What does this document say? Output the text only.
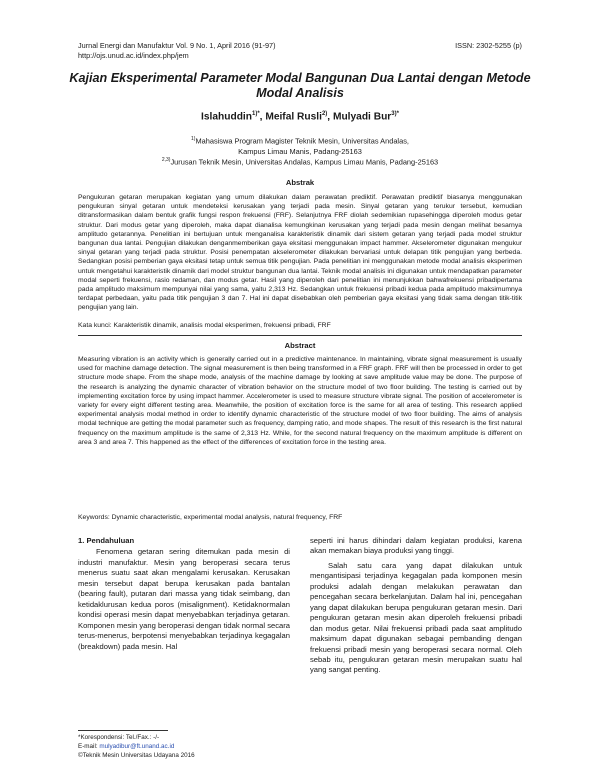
Jurnal Energi dan Manufaktur Vol. 9 No. 1, April 2016 (91-97)
http://ojs.unud.ac.id/index.php/jem
ISSN: 2302-5255 (p)
Kajian Eksperimental Parameter Modal Bangunan Dua Lantai dengan Metode Modal Analisis
Islahuddin$^{1)*}$, Meifal Rusli$^{2)}$, Mulyadi Bur$^{3)*}$
$^{1)}$Mahasiswa Program Magister Teknik Mesin, Universitas Andalas,
Kampus Limau Manis, Padang-25163
$^{2,3)}$Jurusan Teknik Mesin, Universitas Andalas, Kampus Limau Manis, Padang-25163
Abstrak

Pengukuran getaran merupakan kegiatan yang umum dilakukan dalam perawatan prediktif. Perawatan prediktif biasanya menggunakan pengukuran sinyal getaran untuk mendeteksi kerusakan yang terjadi pada mesin. Sinyal getaran yang terukur tersebut, kemudian ditransformasikan dalam bentuk grafik fungsi respon frekuensi (FRF). Selanjutnya FRF diolah sedemikian rupasehingga diperoleh modus getar struktur. Dari modus getar yang diperoleh, maka dapat dianalisa kemungkinan kerusakan yang terjadi pada mesin dengan melihat besarnya amplitudo getarannya. Penelitian ini bertujuan untuk menganalisa karakteristik dinamik dari sistem getaran yang terjadi pada model struktur bangunan dua lantai. Pengujian dilakukan denganmemberikan gaya eksitasi menggunakan impact hammer. Akselerometer digunakan mengukur sinyal getaran yang terjadi pada struktur. Posisi penempatan akselerometer dilakukan bervariasi untuk delapan titik pengujian yang berbeda. Sedangkan posisi pemberian gaya eksitasi tetap untuk semua titik pengujian. Pada penelitian ini menggunakan metode modal analisis eksperimen untuk mengetahui karakteristik dinamik dari model struktur bangunan dua lantai. Teknik modal analisis ini digunakan untuk mendapatkan parameter modal seperti frekuensi, rasio redaman, dan modus getar. Hasil yang diperoleh dari penelitian ini menunjukkan bahwafrekuensi pribadipertama pada amplitudo maksimum mempunyai nilai yang sama, yaitu 2,313 Hz. Sedangkan untuk frekuensi pribadi kedua pada amplitudo maksimumnya terdapat perbedaan, yaitu pada titik pengujian 3 dan 7. Hal ini dapat disebabkan oleh pemberian gaya eksitasi yang tidak sama dengan titik-titik pengujian yang lain.

Kata kunci: Karakteristik dinamik, analisis modal eksperimen, frekuensi pribadi, FRF
Abstract

Measuring vibration is an activity which is generally carried out in a predictive maintenance. In maintaining, vibrate signal measurement is usually used for machine damage detection. The signal measurement is then being transformed in a FRF graph. FRF will then be processed in order to get structure mode shape. From the shape mode, analysis of the machine damage by looking at save amplitude value may be done. The purpose of the research is analyzing the dynamic character of vibration behavior on the structure model of two floor building. The testing is carried out by implementing excitation force by using impact hammer. Accelerometer is used to measure structure vibrate signal. The position of accelerometer is variety for every eight different testing area. Meanwhile, the position of excitation force is the same for all area of testing. This research applied experimental analysis modal method in order to identify dynamic characteristic of the structure model of two floor building. The aims of analysis modal technique are getting the modal parameter such as frequency, damping ratio, and mode shapes. The result of this research is the first natural frequency on the maximum amplitude is the same of 2,313 Hz. While, for the second natural frequency on the maximum amplitude is different on area 3 and area 7. This happened as the effect of the differences of excitation force in the testing area.

Keywords: Dynamic characteristic, experimental modal analysis, natural frequency, FRF
1. Pendahuluan

Fenomena getaran sering ditemukan pada mesin di industri manufaktur. Mesin yang beroperasi secara terus menerus suatu saat akan mengalami kerusakan. Kerusakan mesin tersebut dapat berupa kerusakan pada bantalan (bearing fault), putaran dari massa yang tidak seimbang, dan ketidaklurusan kedua poros (misalignment). Ketidaknormalan kondisi operasi mesin dapat menyebabkan terjadinya getaran. Komponen mesin yang beroperasi dengan tidak normal secara terus-menerus, berpotensi menyebabkan terjadinya kegagalan (breakdown) pada mesin. Hal

seperti ini harus dihindari dalam kegiatan produksi, karena akan memakan biaya produksi yang tinggi.

Salah satu cara yang dapat dilakukan untuk mengantisipasi terjadinya kegagalan pada komponen mesin produksi adalah dengan melakukan perawatan dan pencegahan secara berkelanjutan. Dalam hal ini, pencegahan yang dapat dilakukan berupa pengukuran getaran mesin. Dari pengukuran getaran mesin akan diperoleh frekuensi pribadi dan modus getar. Nilai frekuensi pribadi pada saat amplitudo maksimum dapat digunakan sebagai pembanding dengan frekuensi pribadi mesin yang beroperasi secara normal. Oleh sebab itu, pengukuran getaran mesin merupakan suatu hal yang sangat penting.

*Korespondensi: Tel./Fax.: -/-
E-mail: mulyadibur@ft.unand.ac.id
©Teknik Mesin Universitas Udayana 2016
